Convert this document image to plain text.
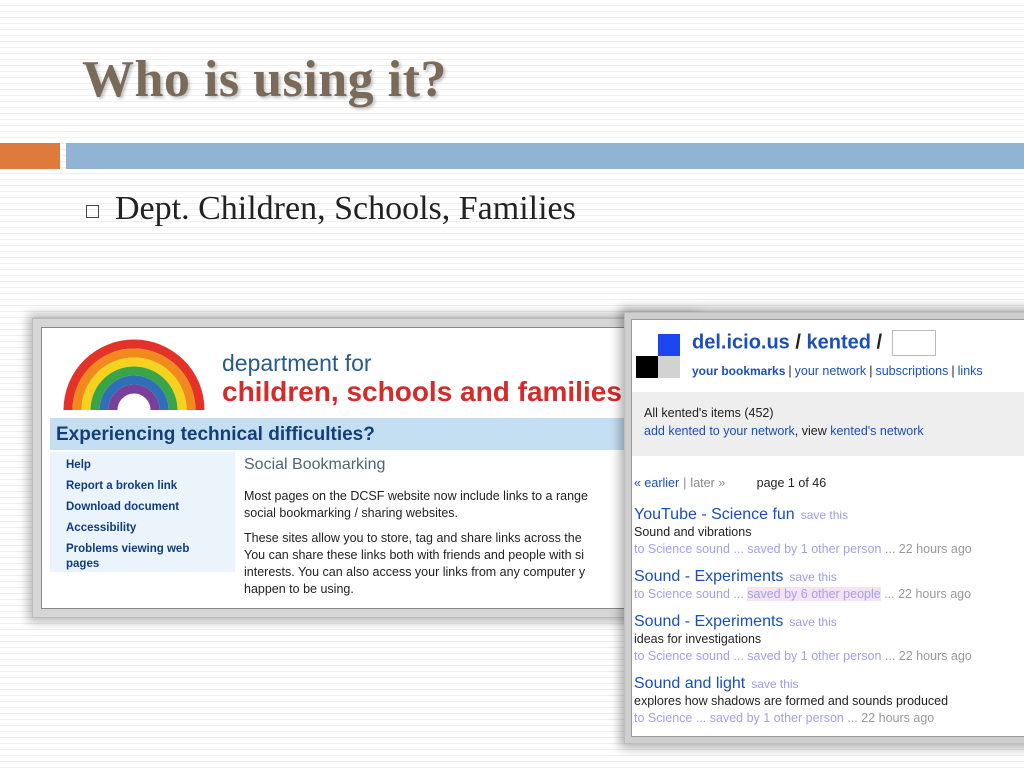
Who is using it?
Dept. Children, Schools, Families
department for
children, schools and families
Experiencing technical difficulties?
Help
Report a broken link
Download document
Accessibility
Problems viewing web pages
Social Bookmarking

Most pages on the DCSF website now include links to a range
social bookmarking / sharing websites.

These sites allow you to store, tag and share links across the
You can share these links both with friends and people with si
interests. You can also access your links from any computer y
happen to be using.

del.icio.us / kented /
your bookmarks | your network | subscriptions | links
All kented's items (452)
add kented to your network, view kented's network
« earlier | later »	page 1 of 46
YouTube - Science fun save this
Sound and vibrations
to Science sound ... saved by 1 other person ... 22 hours ago
Sound - Experiments save this
to Science sound ... saved by 6 other people ... 22 hours ago
Sound - Experiments save this
ideas for investigations
to Science sound ... saved by 1 other person ... 22 hours ago
Sound and light save this
explores how shadows are formed and sounds produced
to Science ... saved by 1 other person ... 22 hours ago
